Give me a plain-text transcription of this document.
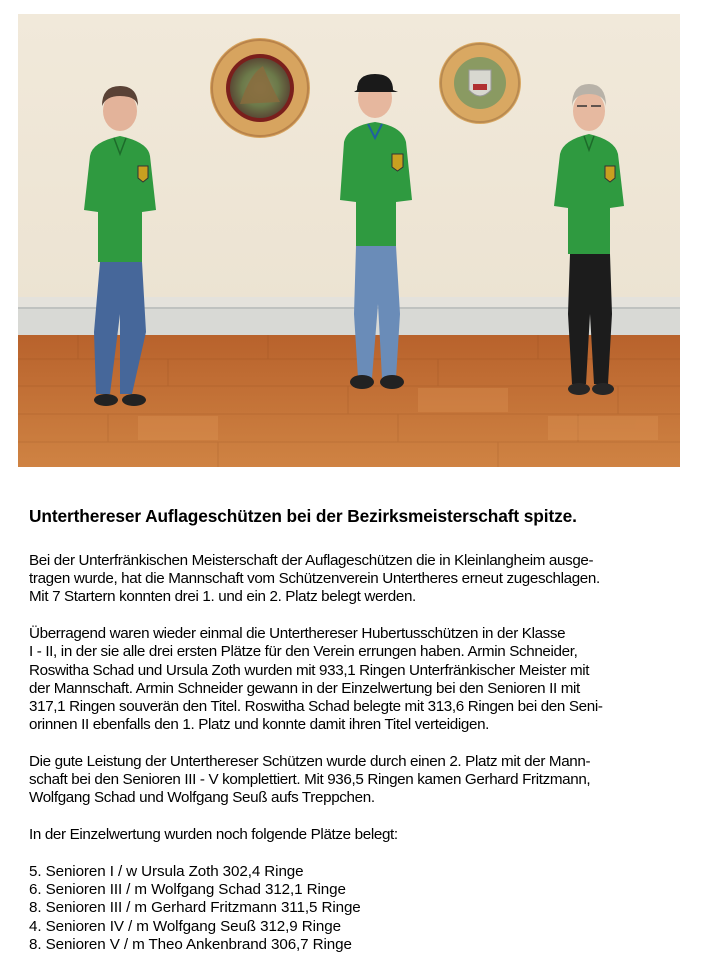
Unterthereser Auflageschützen bei der Bezirksmeisterschaft spitze.

Bei der Unterfränkischen Meisterschaft der Auflageschützen die in Kleinlangheim ausge-
tragen wurde, hat die Mannschaft vom Schützenverein Untertheres erneut zugeschlagen.
Mit 7 Startern konnten drei 1. und ein 2. Platz belegt werden.

Überragend waren wieder einmal die Unterthereser Hubertusschützen in der Klasse
I - II, in der sie alle drei ersten Plätze für den Verein errungen haben. Armin Schneider,
Roswitha Schad und Ursula Zoth wurden mit 933,1 Ringen Unterfränkischer Meister mit
der Mannschaft. Armin Schneider gewann in der Einzelwertung bei den Senioren II mit
317,1 Ringen souverän den Titel. Roswitha Schad belegte mit 313,6 Ringen bei den Seni-
orinnen II ebenfalls den 1. Platz und konnte damit ihren Titel verteidigen.

Die gute Leistung der Unterthereser Schützen wurde durch einen 2. Platz mit der Mann-
schaft bei den Senioren III - V komplettiert. Mit 936,5 Ringen kamen Gerhard Fritzmann,
Wolfgang Schad und Wolfgang Seuß aufs Treppchen.

In der Einzelwertung wurden noch folgende Plätze belegt:

5. Senioren I / w Ursula Zoth 302,4 Ringe
6. Senioren III / m Wolfgang Schad 312,1 Ringe
8. Senioren III / m Gerhard Fritzmann 311,5 Ringe
4. Senioren IV / m Wolfgang Seuß 312,9 Ringe
8. Senioren V / m Theo Ankenbrand 306,7 Ringe
